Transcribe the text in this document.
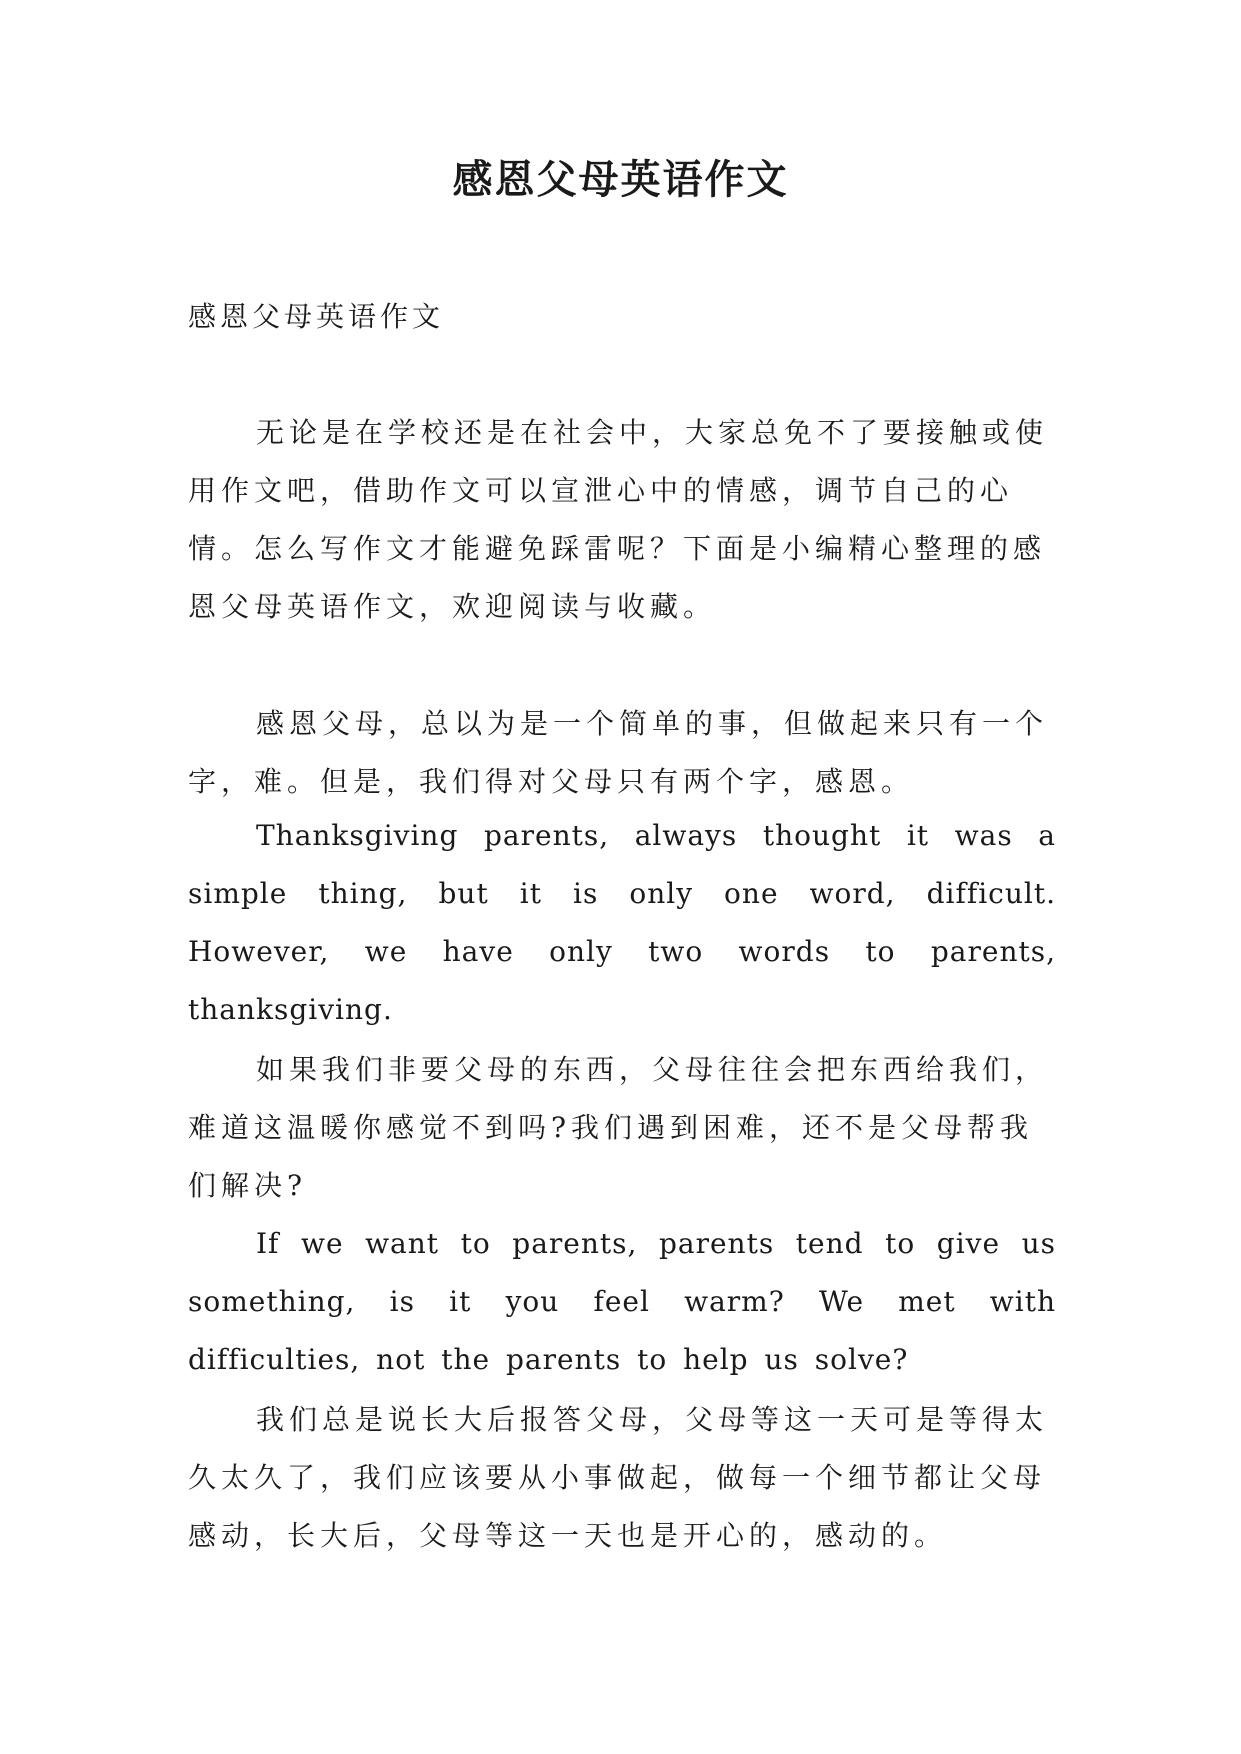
感恩父母英语作文

感恩父母英语作文

无论是在学校还是在社会中，大家总免不了要接触或使用作文吧，借助作文可以宣泄心中的情感，调节自己的心情。怎么写作文才能避免踩雷呢？下面是小编精心整理的感恩父母英语作文，欢迎阅读与收藏。

感恩父母，总以为是一个简单的事，但做起来只有一个字，难。但是，我们得对父母只有两个字，感恩。

Thanksgiving parents, always thought it was a simple thing, but it is only one word, difficult. However, we have only two words to parents, thanksgiving.

如果我们非要父母的东西，父母往往会把东西给我们，难道这温暖你感觉不到吗?我们遇到困难，还不是父母帮我们解决?

If we want to parents, parents tend to give us something, is it you feel warm? We met with difficulties, not the parents to help us solve?

我们总是说长大后报答父母，父母等这一天可是等得太久太久了，我们应该要从小事做起，做每一个细节都让父母感动，长大后，父母等这一天也是开心的，感动的。
